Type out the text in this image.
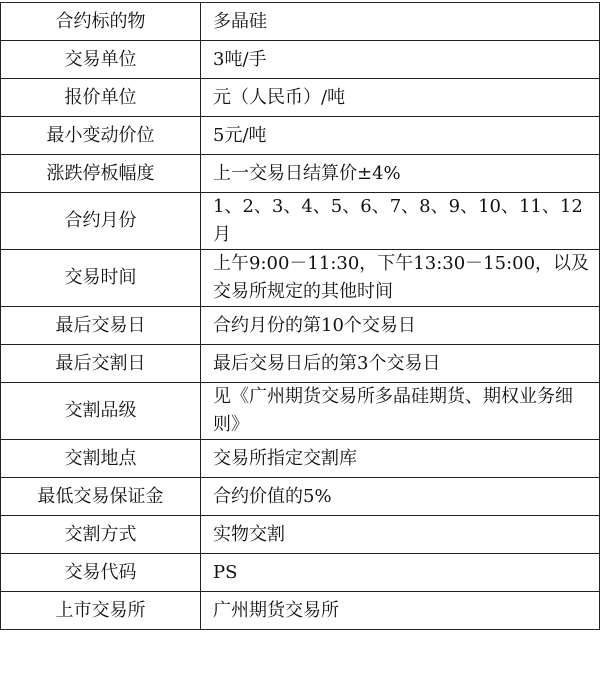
合约标的物	多晶硅
交易单位	3吨/手
报价单位	元（人民币）/吨
最小变动价位	5元/吨
涨跌停板幅度	上一交易日结算价±4%
合约月份	1、2、3、4、5、6、7、8、9、10、11、12月
交易时间	上午9:00－11:30，下午13:30－15:00，以及交易所规定的其他时间
最后交易日	合约月份的第10个交易日
最后交割日	最后交易日后的第3个交易日
交割品级	见《广州期货交易所多晶硅期货、期权业务细则》
交割地点	交易所指定交割库
最低交易保证金	合约价值的5%
交割方式	实物交割
交易代码	PS
上市交易所	广州期货交易所
